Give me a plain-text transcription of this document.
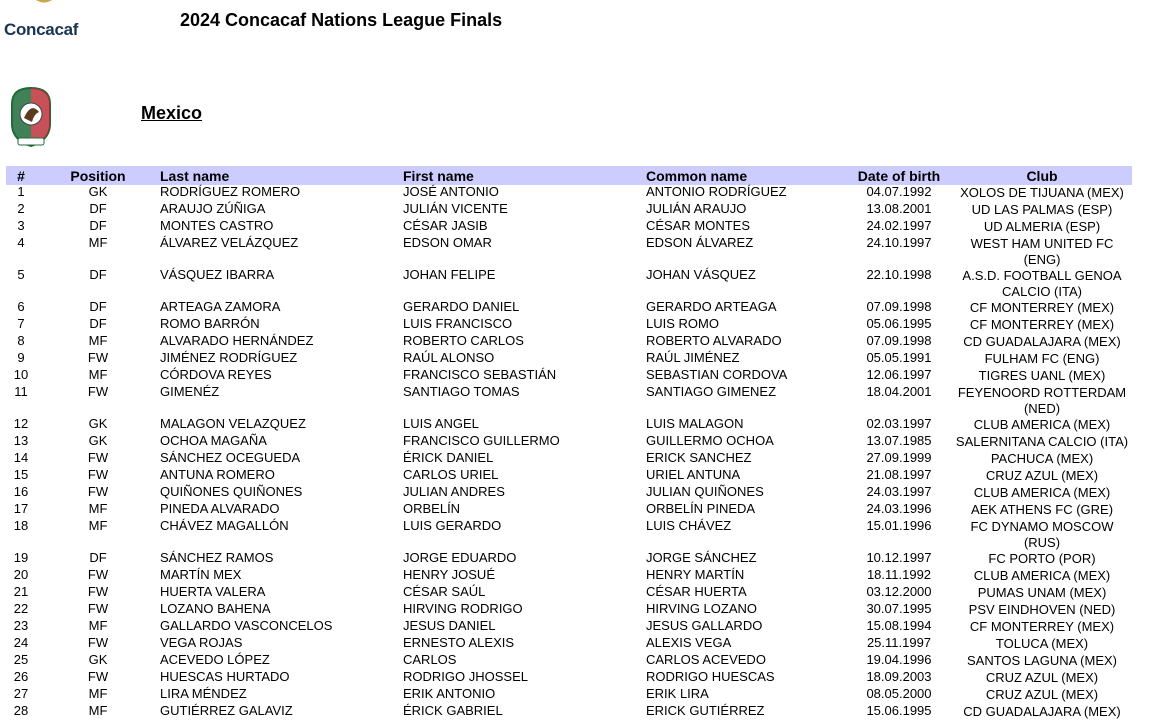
Concacaf	2024 Concacaf Nations League Finals
Mexico
#	Position	Last name	First name	Common name	Date of birth	Club
1	GK	RODRÍGUEZ ROMERO	JOSÉ ANTONIO	ANTONIO RODRÍGUEZ	04.07.1992	XOLOS DE TIJUANA (MEX)
2	DF	ARAUJO ZÚÑIGA	JULIÁN VICENTE	JULIÁN ARAUJO	13.08.2001	UD LAS PALMAS (ESP)
3	DF	MONTES CASTRO	CÉSAR JASIB	CÉSAR MONTES	24.02.1997	UD ALMERIA (ESP)
4	MF	ÁLVAREZ VELÁZQUEZ	EDSON OMAR	EDSON ÁLVAREZ	24.10.1997	WEST HAM UNITED FC (ENG)
5	DF	VÁSQUEZ IBARRA	JOHAN FELIPE	JOHAN VÁSQUEZ	22.10.1998	A.S.D. FOOTBALL GENOA CALCIO (ITA)
6	DF	ARTEAGA ZAMORA	GERARDO DANIEL	GERARDO ARTEAGA	07.09.1998	CF MONTERREY (MEX)
7	DF	ROMO BARRÓN	LUIS FRANCISCO	LUIS ROMO	05.06.1995	CF MONTERREY (MEX)
8	MF	ALVARADO HERNÁNDEZ	ROBERTO CARLOS	ROBERTO ALVARADO	07.09.1998	CD GUADALAJARA (MEX)
9	FW	JIMÉNEZ RODRÍGUEZ	RAÚL ALONSO	RAÚL JIMÉNEZ	05.05.1991	FULHAM FC (ENG)
10	MF	CÓRDOVA REYES	FRANCISCO SEBASTIÁN	SEBASTIAN CORDOVA	12.06.1997	TIGRES UANL (MEX)
11	FW	GIMENÉZ	SANTIAGO TOMAS	SANTIAGO GIMENEZ	18.04.2001	FEYENOORD ROTTERDAM (NED)
12	GK	MALAGON VELAZQUEZ	LUIS ANGEL	LUIS MALAGON	02.03.1997	CLUB AMERICA (MEX)
13	GK	OCHOA MAGAÑA	FRANCISCO GUILLERMO	GUILLERMO OCHOA	13.07.1985	SALERNITANA CALCIO (ITA)
14	FW	SÁNCHEZ OCEGUEDA	ÉRICK DANIEL	ERICK SANCHEZ	27.09.1999	PACHUCA (MEX)
15	FW	ANTUNA ROMERO	CARLOS URIEL	URIEL ANTUNA	21.08.1997	CRUZ AZUL (MEX)
16	FW	QUIÑONES QUIÑONES	JULIAN ANDRES	JULIAN QUIÑONES	24.03.1997	CLUB AMERICA (MEX)
17	MF	PINEDA ALVARADO	ORBELÍN	ORBELÍN PINEDA	24.03.1996	AEK ATHENS FC (GRE)
18	MF	CHÁVEZ MAGALLÓN	LUIS GERARDO	LUIS CHÁVEZ	15.01.1996	FC DYNAMO MOSCOW (RUS)
19	DF	SÁNCHEZ RAMOS	JORGE EDUARDO	JORGE SÁNCHEZ	10.12.1997	FC PORTO (POR)
20	FW	MARTÍN MEX	HENRY JOSUÉ	HENRY MARTÍN	18.11.1992	CLUB AMERICA (MEX)
21	FW	HUERTA VALERA	CÉSAR SAÚL	CÉSAR HUERTA	03.12.2000	PUMAS UNAM (MEX)
22	FW	LOZANO BAHENA	HIRVING RODRIGO	HIRVING LOZANO	30.07.1995	PSV EINDHOVEN (NED)
23	MF	GALLARDO VASCONCELOS	JESUS DANIEL	JESUS GALLARDO	15.08.1994	CF MONTERREY (MEX)
24	FW	VEGA ROJAS	ERNESTO ALEXIS	ALEXIS VEGA	25.11.1997	TOLUCA (MEX)
25	GK	ACEVEDO LÓPEZ	CARLOS	CARLOS ACEVEDO	19.04.1996	SANTOS LAGUNA (MEX)
26	FW	HUESCAS HURTADO	RODRIGO JHOSSEL	RODRIGO HUESCAS	18.09.2003	CRUZ AZUL (MEX)
27	MF	LIRA MÉNDEZ	ERIK ANTONIO	ERIK LIRA	08.05.2000	CRUZ AZUL (MEX)
28	MF	GUTIÉRREZ GALAVIZ	ÉRICK GABRIEL	ERICK GUTIÉRREZ	15.06.1995	CD GUADALAJARA (MEX)
